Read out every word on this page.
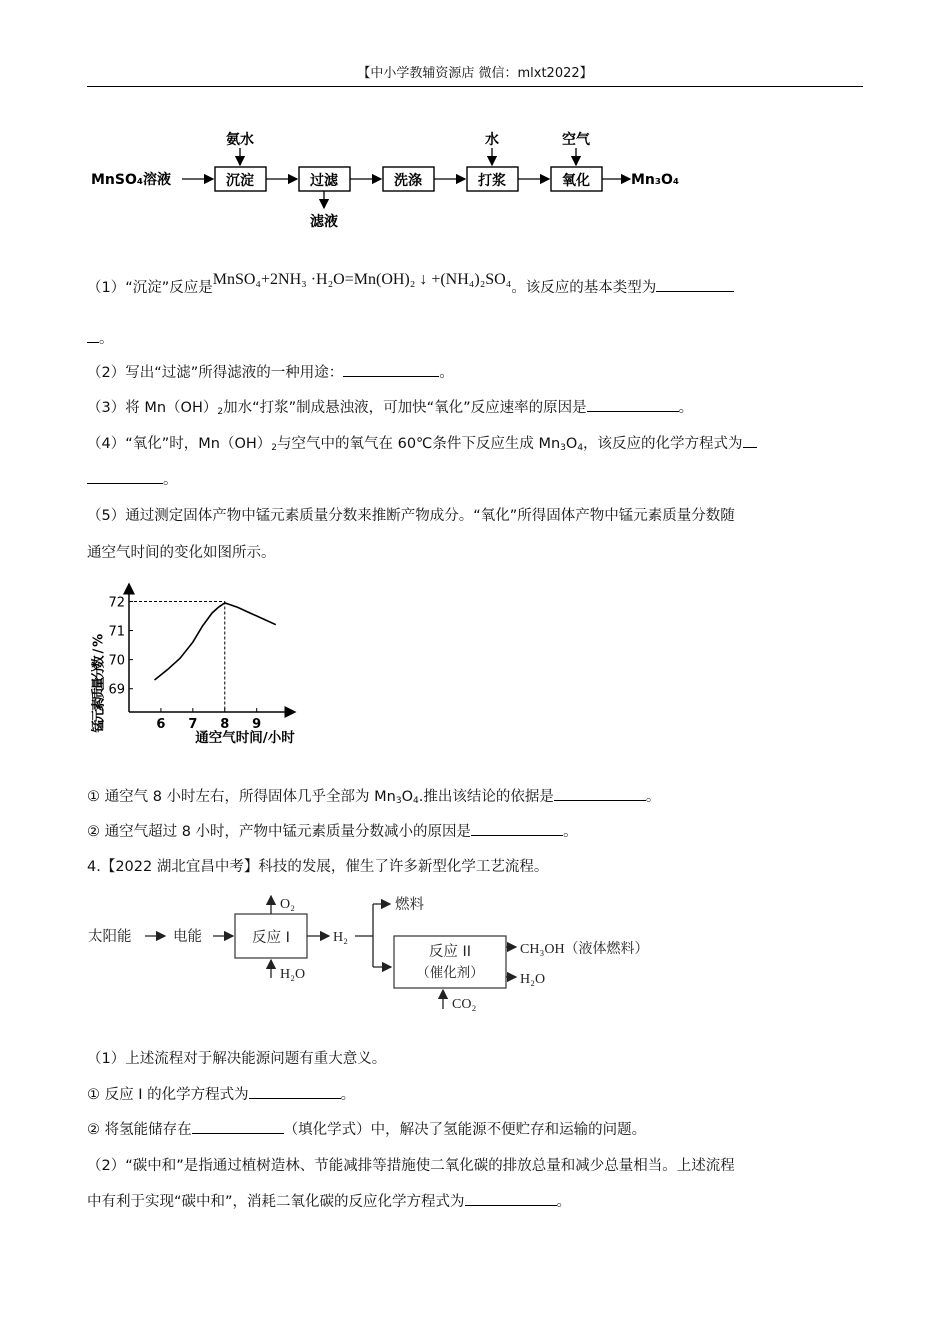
【中小学教辅资源店 微信：mlxt2022】
MnSO₄溶液	沉淀
氨水
过滤
滤液
洗涤	打浆
水
氧化
空气
Mn₃O₄
（1）“沉淀”反应是MnSO₄+2NH₃ ·H₂O=Mn(OH)₂ ↓ +(NH₄)₂SO₄。该反应的基本类型为
。
（2）写出“过滤”所得滤液的一种用途：	。
（3）将 $Mn(OH)_2$加水“打浆”制成悬浊液，可加快“氧化”反应速率的原因是	。
（4）“氧化”时，$Mn(OH)_2$与空气中的氧气在 60℃条件下反应生成 $Mn_3O_4$，该反应的化学方程式为
。
（5）通过测定固体产物中锰元素质量分数来推断产物成分。“氧化”所得固体产物中锰元素质量分数随
通空气时间的变化如图所示。
锰
元
素
质
量
分
数
/
%
69
70
71
72
6 7 8 9
通空气时间/小时
① 通空气 8 小时左右，所得固体几乎全部为 $Mn_3O_4$.推出该结论的依据是	。
② 通空气超过 8 小时，产物中锰元素质量分数减小的原因是	。
4.【2022 湖北宜昌中考】科技的发展，催生了许多新型化学工艺流程。
太阳能	电能	反应 I
O₂
H₂O
H₂
燃料
反应 II
（催化剂）
CH₃OH（液体燃料）
H₂O
CO₂
（1）上述流程对于解决能源问题有重大意义。
① 反应 I 的化学方程式为	。
② 将氢能储存在	（填化学式）中，解决了氢能源不便贮存和运输的问题。
（2）“碳中和”是指通过植树造林、节能减排等措施使二氧化碳的排放总量和减少总量相当。上述流程
中有利于实现“碳中和”，消耗二氧化碳的反应化学方程式为	。
